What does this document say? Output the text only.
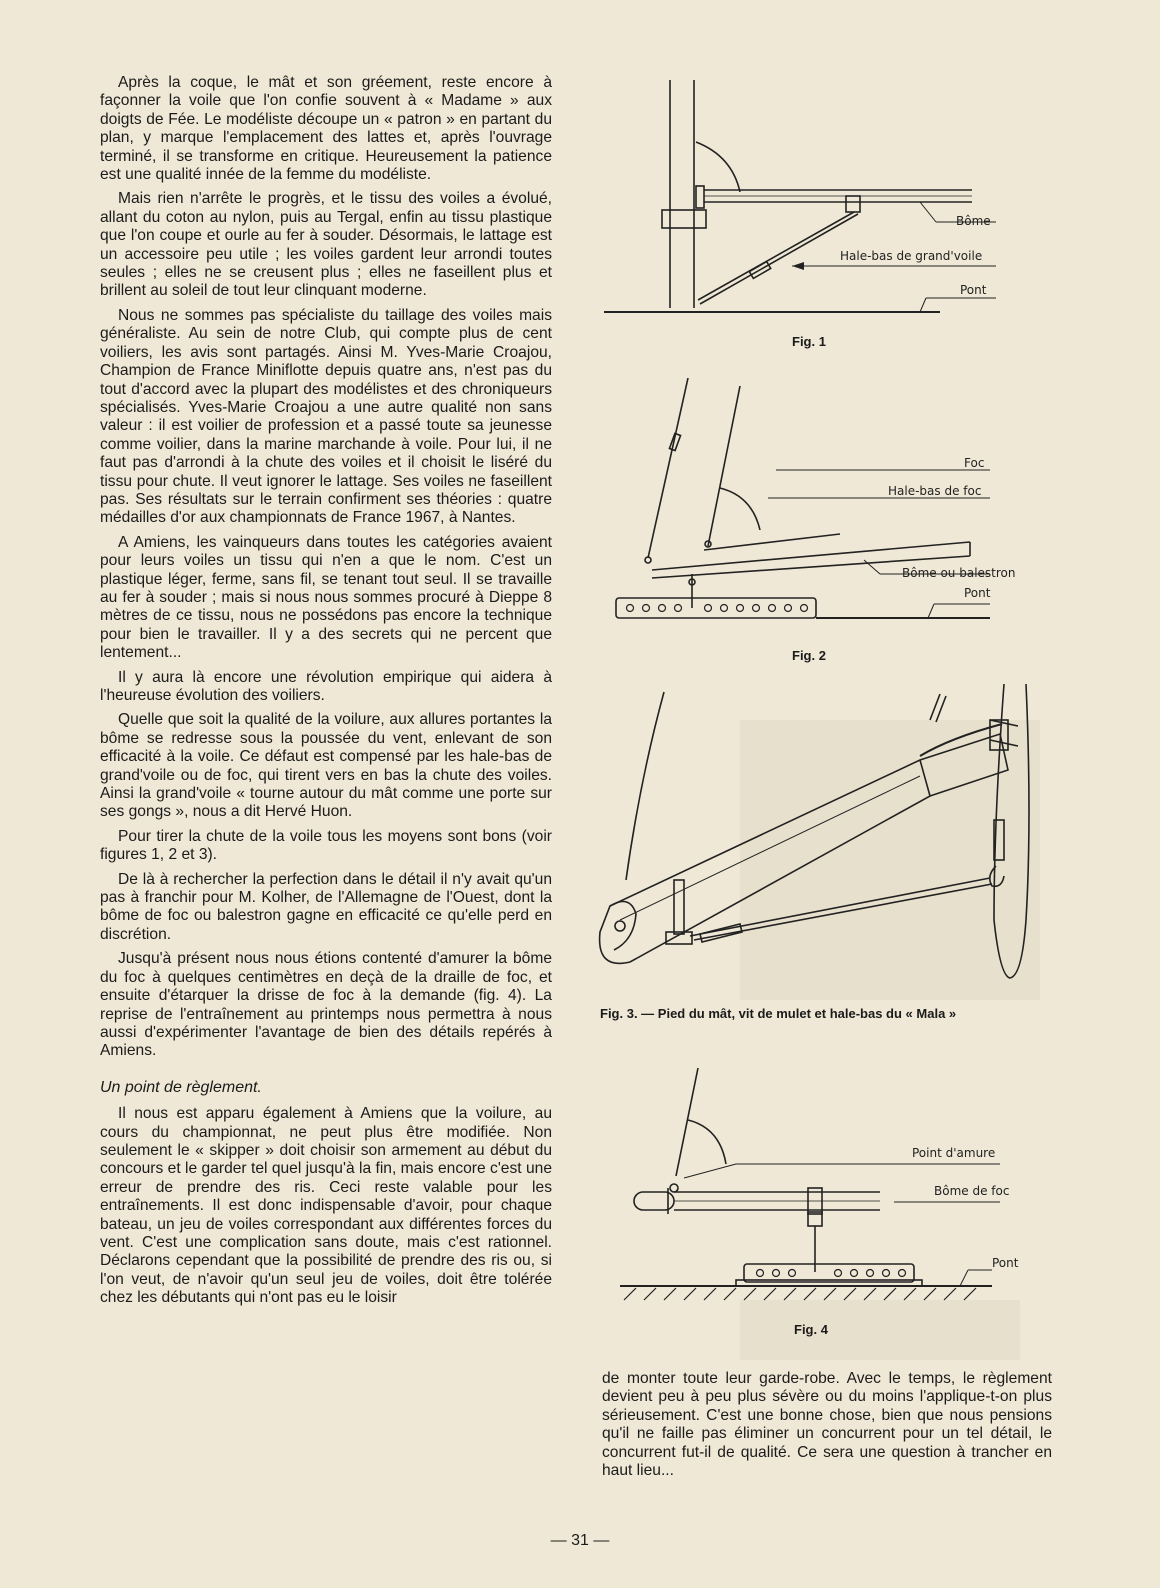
Après la coque, le mât et son gréement, reste encore à façonner la voile que l'on confie souvent à « Madame » aux doigts de Fée. Le modéliste découpe un « patron » en partant du plan, y marque l'emplacement des lattes et, après l'ouvrage terminé, il se transforme en critique. Heureusement la patience est une qualité innée de la femme du modéliste.

Mais rien n'arrête le progrès, et le tissu des voiles a évolué, allant du coton au nylon, puis au Tergal, enfin au tissu plastique que l'on coupe et ourle au fer à souder. Désormais, le lattage est un accessoire peu utile ; les voiles gardent leur arrondi toutes seules ; elles ne se creusent plus ; elles ne faseillent plus et brillent au soleil de tout leur clinquant moderne.

Nous ne sommes pas spécialiste du taillage des voiles mais généraliste. Au sein de notre Club, qui compte plus de cent voiliers, les avis sont partagés. Ainsi M. Yves-Marie Croajou, Champion de France Miniflotte depuis quatre ans, n'est pas du tout d'accord avec la plupart des modélistes et des chroniqueurs spécialisés. Yves-Marie Croajou a une autre qualité non sans valeur : il est voilier de profession et a passé toute sa jeunesse comme voilier, dans la marine marchande à voile. Pour lui, il ne faut pas d'arrondi à la chute des voiles et il choisit le liséré du tissu pour chute. Il veut ignorer le lattage. Ses voiles ne faseillent pas. Ses résultats sur le terrain confirment ses théories : quatre médailles d'or aux championnats de France 1967, à Nantes.

A Amiens, les vainqueurs dans toutes les catégories avaient pour leurs voiles un tissu qui n'en a que le nom. C'est un plastique léger, ferme, sans fil, se tenant tout seul. Il se travaille au fer à souder ; mais si nous nous sommes procuré à Dieppe 8 mètres de ce tissu, nous ne possédons pas encore la technique pour bien le travailler. Il y a des secrets qui ne percent que lentement...

Il y aura là encore une révolution empirique qui aidera à l'heureuse évolution des voiliers.

Quelle que soit la qualité de la voilure, aux allures portantes la bôme se redresse sous la poussée du vent, enlevant de son efficacité à la voile. Ce défaut est compensé par les hale-bas de grand'voile ou de foc, qui tirent vers en bas la chute des voiles. Ainsi la grand'voile « tourne autour du mât comme une porte sur ses gongs », nous a dit Hervé Huon.

Pour tirer la chute de la voile tous les moyens sont bons (voir figures 1, 2 et 3).

De là à rechercher la perfection dans le détail il n'y avait qu'un pas à franchir pour M. Kolher, de l'Allemagne de l'Ouest, dont la bôme de foc ou balestron gagne en efficacité ce qu'elle perd en discrétion.

Jusqu'à présent nous nous étions contenté d'amurer la bôme du foc à quelques centimètres en deçà de la draille de foc, et ensuite d'étarquer la drisse de foc à la demande (fig. 4). La reprise de l'entraînement au printemps nous permettra à nous aussi d'expérimenter l'avantage de bien des détails repérés à Amiens.

Un point de règlement.

Il nous est apparu également à Amiens que la voilure, au cours du championnat, ne peut plus être modifiée. Non seulement le « skipper » doit choisir son armement au début du concours et le garder tel quel jusqu'à la fin, mais encore c'est une erreur de prendre des ris. Ceci reste valable pour les entraînements. Il est donc indispensable d'avoir, pour chaque bateau, un jeu de voiles correspondant aux différentes forces du vent. C'est une complication sans doute, mais c'est rationnel. Déclarons cependant que la possibilité de prendre des ris ou, si l'on veut, de n'avoir qu'un seul jeu de voiles, doit être tolérée chez les débutants qui n'ont pas eu le loisir

de monter toute leur garde-robe. Avec le temps, le règlement devient peu à peu plus sévère ou du moins l'applique-t-on plus sérieusement. C'est une bonne chose, bien que nous pensions qu'il ne faille pas éliminer un concurrent pour un tel détail, le concurrent fut-il de qualité. Ce sera une question à trancher en haut lieu...

Bôme
Hale-bas de grand'voile
Pont
Fig. 1
Foc
Hale-bas de foc
Bôme ou balestron
Pont
Fig. 2
Fig. 3. — Pied du mât, vit de mulet et hale-bas du « Mala »
Point d'amure
Bôme de foc
Pont
Fig. 4
— 31 —
